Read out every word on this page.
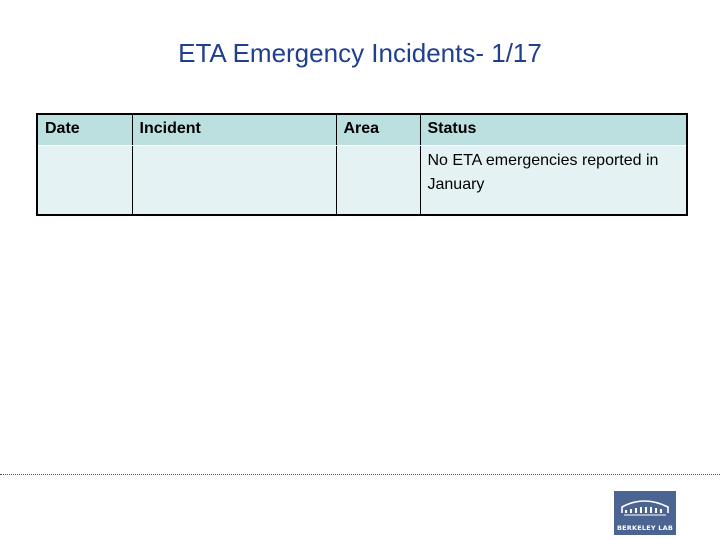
ETA Emergency Incidents- 1/17
Date	Incident	Area	Status
			No ETA emergencies reported in January
BERKELEY LAB
